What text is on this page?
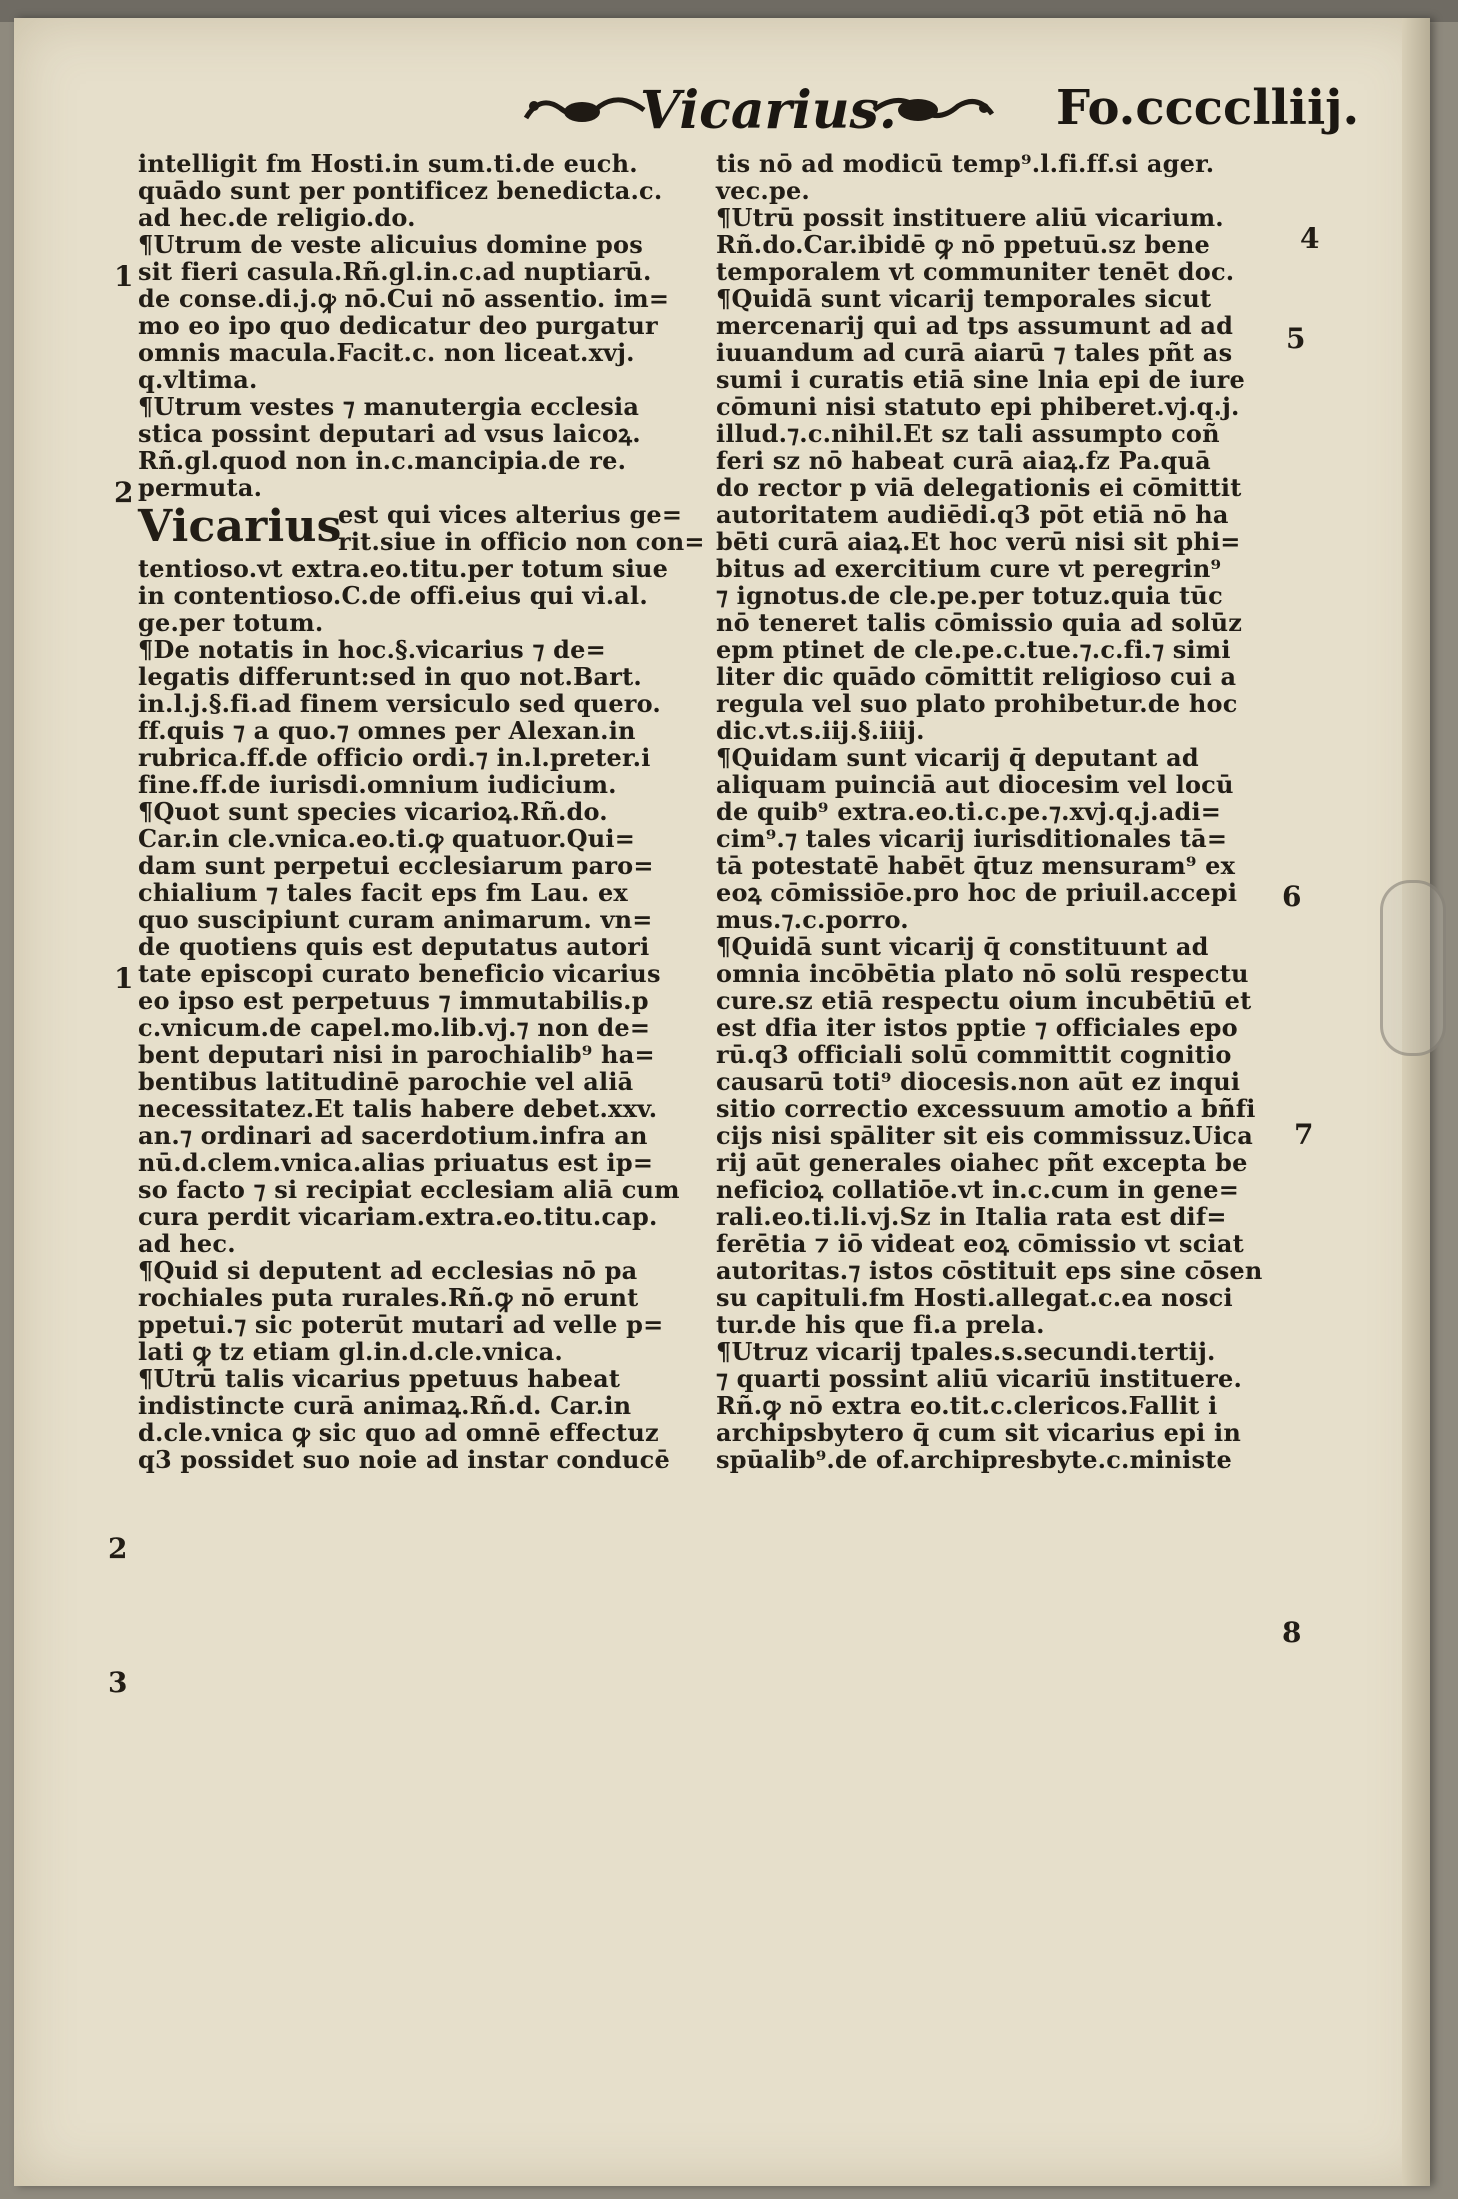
Vicarius.	Fo.cccclliij.
1
2
1
2
3
4
5
6
7
8
intelligit fm Hosti.in sum.ti.de euch.
quādo sunt per pontificez benedicta.c.
ad hec.de religio.do.
¶Utrum de veste alicuius domine pos
sit fieri casula.Rñ.gl.in.c.ad nuptiarū.
de conse.di.j.ꝙ nō.Cui nō assentio. im=
mo eo ipo quo dedicatur deo purgatur
omnis macula.Facit.c. non liceat.xvj.
q.vltima.
¶Utrum vestes ⁊ manutergia ecclesia
stica possint deputari ad vsus laicoꝝ.
Rñ.gl.quod non in.c.mancipia.de re.
permuta.
Vicarius
est qui vices alterius ge=
rit.siue in officio non con=
tentioso.vt extra.eo.titu.per totum siue
in contentioso.C.de offi.eius qui vi.al.
ge.per totum.
¶De notatis in hoc.§.vicarius ⁊ de=
legatis differunt:sed in quo not.Bart.
in.l.j.§.fi.ad finem versiculo sed quero.
ff.quis ⁊ a quo.⁊ omnes per Alexan.in
rubrica.ff.de officio ordi.⁊ in.l.preter.i
fine.ff.de iurisdi.omnium iudicium.
¶Quot sunt species vicarioꝝ.Rñ.do.
Car.in cle.vnica.eo.ti.ꝙ quatuor.Qui=
dam sunt perpetui ecclesiarum paro=
chialium ⁊ tales facit eps fm Lau. ex
quo suscipiunt curam animarum. vn=
de quotiens quis est deputatus autori
tate episcopi curato beneficio vicarius
eo ipso est perpetuus ⁊ immutabilis.p
c.vnicum.de capel.mo.lib.vj.⁊ non de=
bent deputari nisi in parochialib⁹ ha=
bentibus latitudinē parochie vel aliā
necessitatez.Et talis habere debet.xxv.
an.⁊ ordinari ad sacerdotium.infra an
nū.d.clem.vnica.alias priuatus est ip=
so facto ⁊ si recipiat ecclesiam aliā cum
cura perdit vicariam.extra.eo.titu.cap.
ad hec.
¶Quid si deputent ad ecclesias nō pa
rochiales puta rurales.Rñ.ꝙ nō erunt
ppetui.⁊ sic poterūt mutari ad velle p=
lati ꝙ tz etiam gl.in.d.cle.vnica.
¶Utrū talis vicarius ppetuus habeat
indistincte curā animaꝝ.Rñ.d. Car.in
d.cle.vnica ꝙ sic quo ad omnē effectuz
q3 possidet suo noie ad instar conducē
tis nō ad modicū temp⁹.l.fi.ff.si ager.
vec.pe.
¶Utrū possit instituere aliū vicarium.
Rñ.do.Car.ibidē ꝙ nō ppetuū.sz bene
temporalem vt communiter tenēt doc.
¶Quidā sunt vicarij temporales sicut
mercenarij qui ad tps assumunt ad ad
iuuandum ad curā aiarū ⁊ tales pñt as
sumi i curatis etiā sine lnia epi de iure
cōmuni nisi statuto epi phiberet.vj.q.j.
illud.⁊.c.nihil.Et sz tali assumpto coñ
feri sz nō habeat curā aiaꝝ.fz Pa.quā
do rector p viā delegationis ei cōmittit
autoritatem audiēdi.q3 pōt etiā nō ha
bēti curā aiaꝝ.Et hoc verū nisi sit phi=
bitus ad exercitium cure vt peregrin⁹
⁊ ignotus.de cle.pe.per totuz.quia tūc
nō teneret talis cōmissio quia ad solūz
epm ptinet de cle.pe.c.tue.⁊.c.fi.⁊ simi
liter dic quādo cōmittit religioso cui a
regula vel suo plato prohibetur.de hoc
dic.vt.s.iij.§.iiij.
¶Quidam sunt vicarij q̄ deputant ad
aliquam puinciā aut diocesim vel locū
de quib⁹ extra.eo.ti.c.pe.⁊.xvj.q.j.adi=
cim⁹.⁊ tales vicarij iurisditionales tā=
tā potestatē habēt q̄tuz mensuram⁹ ex
eoꝝ cōmissiōe.pro hoc de priuil.accepi
mus.⁊.c.porro.
¶Quidā sunt vicarij q̄ constituunt ad
omnia incōbētia plato nō solū respectu
cure.sz etiā respectu oium incubētiū et
est dfia iter istos pptie ⁊ officiales epo
rū.q3 officiali solū committit cognitio
causarū toti⁹ diocesis.non aūt ez inqui
sitio correctio excessuum amotio a bñfi
cijs nisi spāliter sit eis commissuz.Uica
rij aūt generales oiahec pñt excepta be
neficioꝝ collatiōe.vt in.c.cum in gene=
rali.eo.ti.li.vj.Sz in Italia rata est dif=
ferētia ⁊ iō videat eoꝝ cōmissio vt sciat
autoritas.⁊ istos cōstituit eps sine cōsen
su capituli.fm Hosti.allegat.c.ea nosci
tur.de his que fi.a prela.
¶Utruz vicarij tpales.s.secundi.tertij.
⁊ quarti possint aliū vicariū instituere.
Rñ.ꝙ nō extra eo.tit.c.clericos.Fallit i
archipsbytero q̄ cum sit vicarius epi in
spūalib⁹.de of.archipresbyte.c.ministe
